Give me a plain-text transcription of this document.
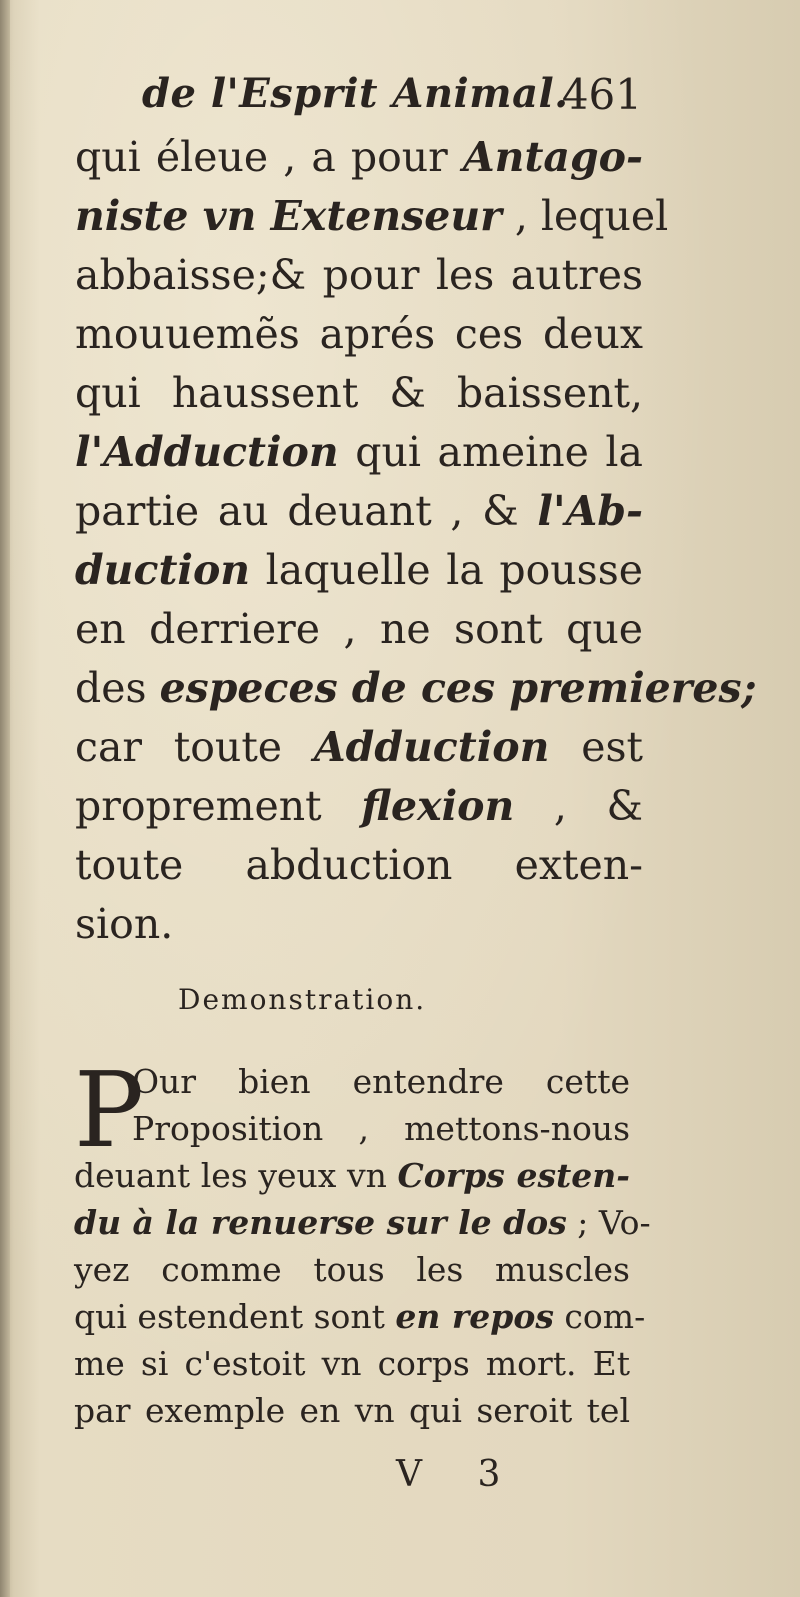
de l'Esprit Animal.
461
qui éleue , a pour Antago-
niste vn Extenseur , lequel
abbaisse;& pour les autres
mouuemẽs aprés ces deux
qui haussent & baissent,
l'Adduction qui ameine la
partie au deuant , & l'Ab-
duction laquelle la pousse
en derriere , ne sont que
des especes de ces premieres;
car toute Adduction est
proprement flexion , &
toute abduction exten-
sion.
Demonstration.
P
Our bien entendre cette
Proposition , mettons-nous
deuant les yeux vn Corps esten-
du à la renuerse sur le dos ; Vo-
yez comme tous les muscles
qui estendent sont en repos com-
me si c'estoit vn corps mort. Et
par exemple en vn qui seroit tel
V 3
